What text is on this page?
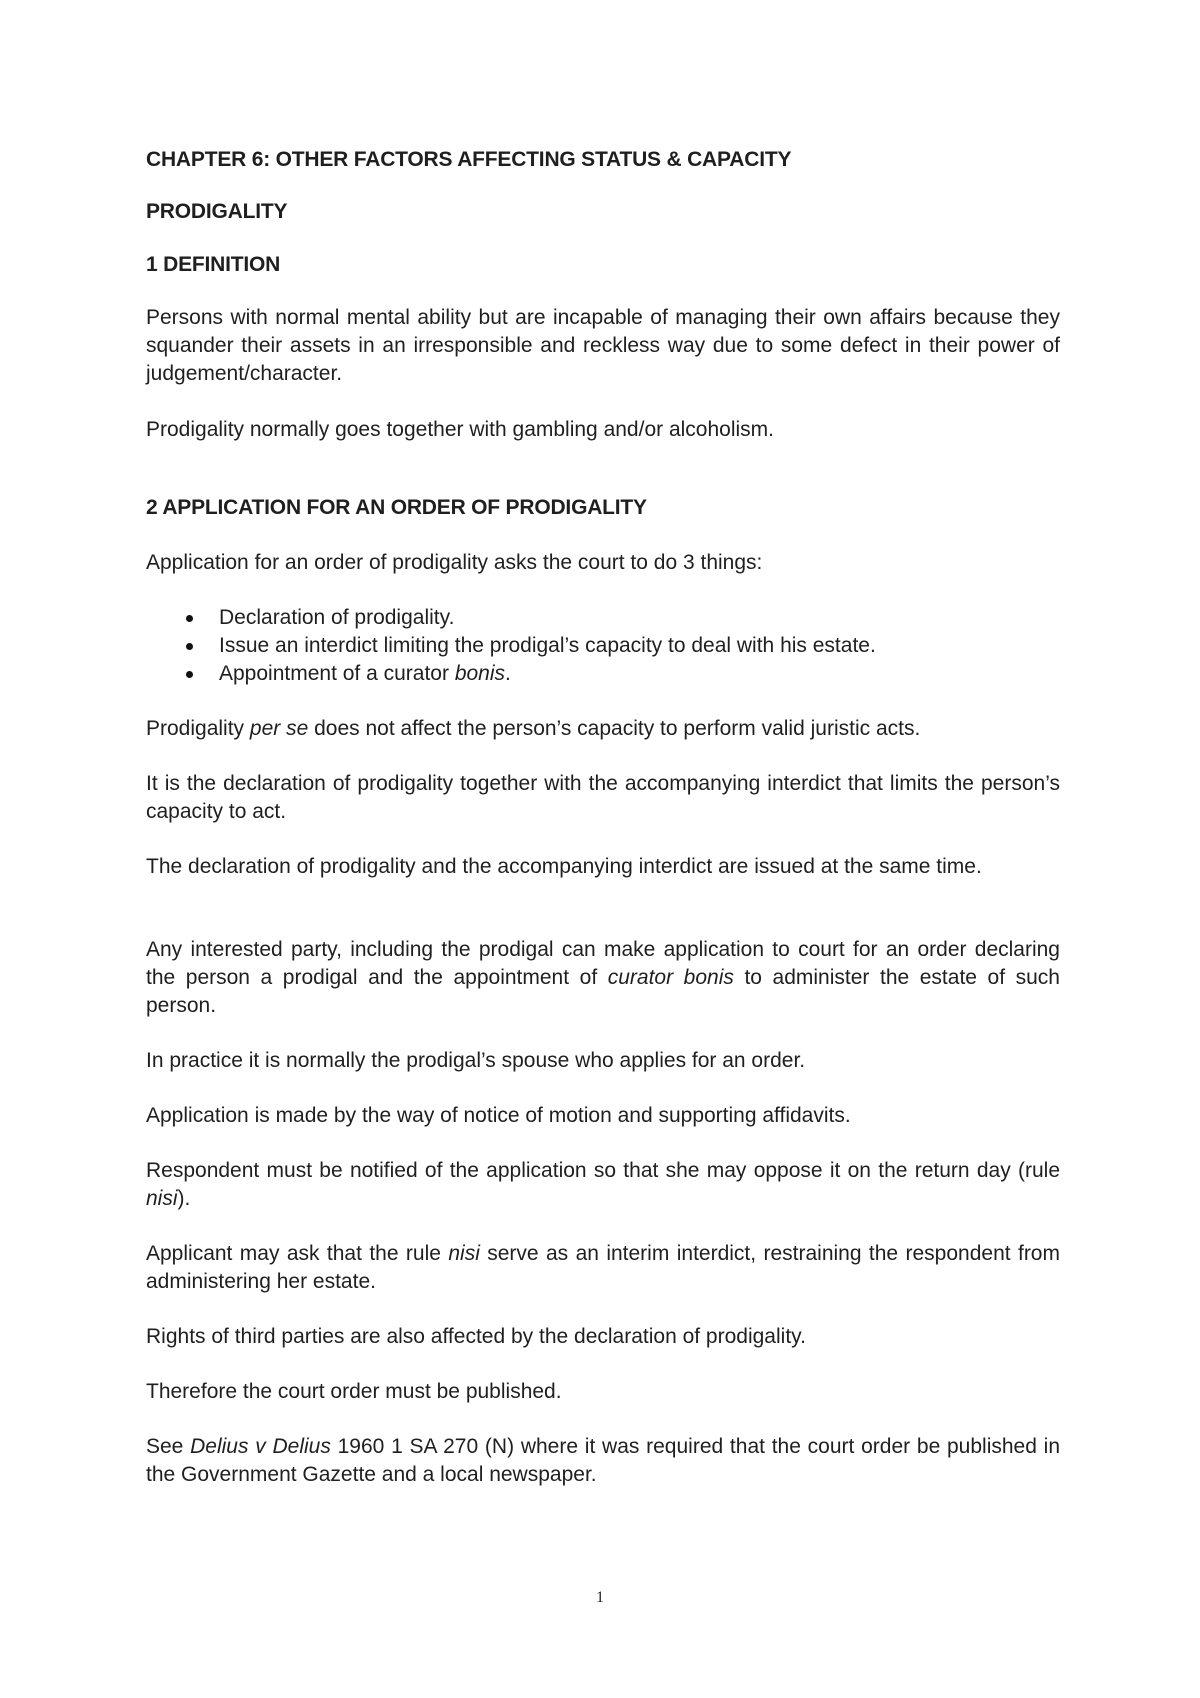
CHAPTER 6: OTHER FACTORS AFFECTING STATUS & CAPACITY
PRODIGALITY
1 DEFINITION
Persons with normal mental ability but are incapable of managing their own affairs because they squander their assets in an irresponsible and reckless way due to some defect in their power of judgement/character.
Prodigality normally goes together with gambling and/or alcoholism.
2 APPLICATION FOR AN ORDER OF PRODIGALITY
Application for an order of prodigality asks the court to do 3 things:
Declaration of prodigality.
Issue an interdict limiting the prodigal’s capacity to deal with his estate.
Appointment of a curator bonis.
Prodigality per se does not affect the person’s capacity to perform valid juristic acts.
It is the declaration of prodigality together with the accompanying interdict that limits the person’s capacity to act.
The declaration of prodigality and the accompanying interdict are issued at the same time.
Any interested party, including the prodigal can make application to court for an order declaring the person a prodigal and the appointment of curator bonis to administer the estate of such person.
In practice it is normally the prodigal’s spouse who applies for an order.
Application is made by the way of notice of motion and supporting affidavits.
Respondent must be notified of the application so that she may oppose it on the return day (rule nisi).
Applicant may ask that the rule nisi serve as an interim interdict, restraining the respondent from administering her estate.
Rights of third parties are also affected by the declaration of prodigality.
Therefore the court order must be published.
See Delius v Delius 1960 1 SA 270 (N) where it was required that the court order be published in the Government Gazette and a local newspaper.
1
